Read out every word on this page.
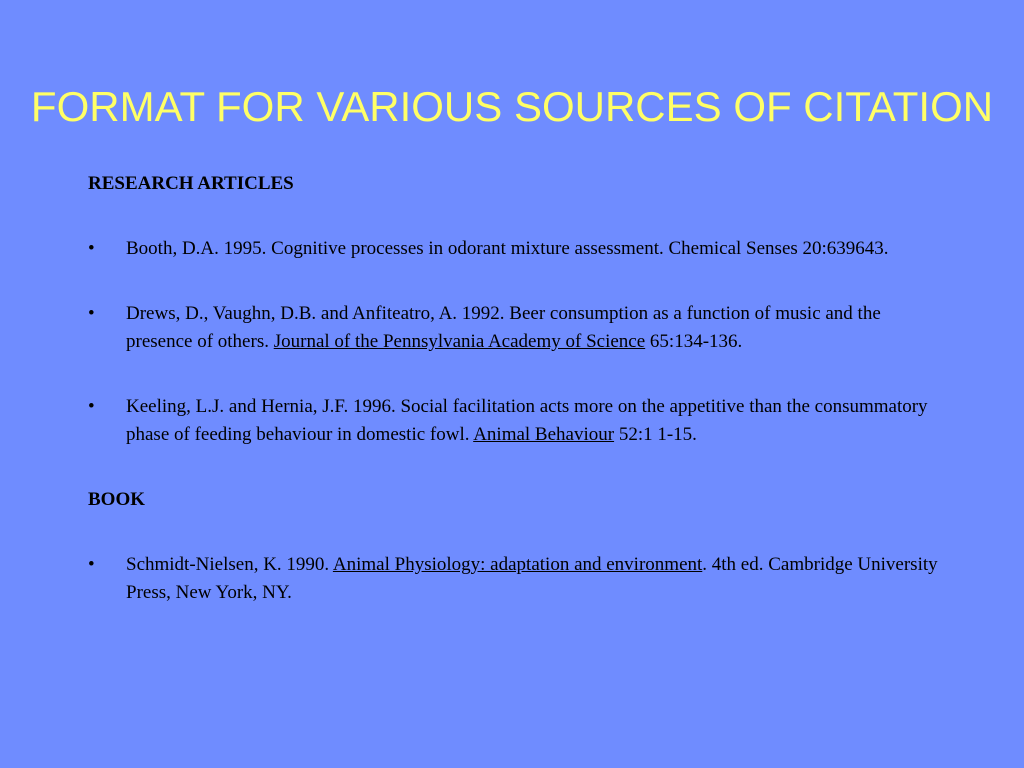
FORMAT FOR VARIOUS SOURCES OF CITATION

RESEARCH ARTICLES

• Booth, D.A. 1995. Cognitive processes in odorant mixture assessment. Chemical Senses 20:639643.

• Drews, D., Vaughn, D.B. and Anfiteatro, A. 1992. Beer consumption as a function of music and the presence of others. Journal of the Pennsylvania Academy of Science 65:134-136.

• Keeling, L.J. and Hernia, J.F. 1996. Social facilitation acts more on the appetitive than the consummatory phase of feeding behaviour in domestic fowl. Animal Behaviour 52:1 1-15.

BOOK

• Schmidt-Nielsen, K. 1990. Animal Physiology: adaptation and environment. 4th ed. Cambridge University Press, New York, NY.
